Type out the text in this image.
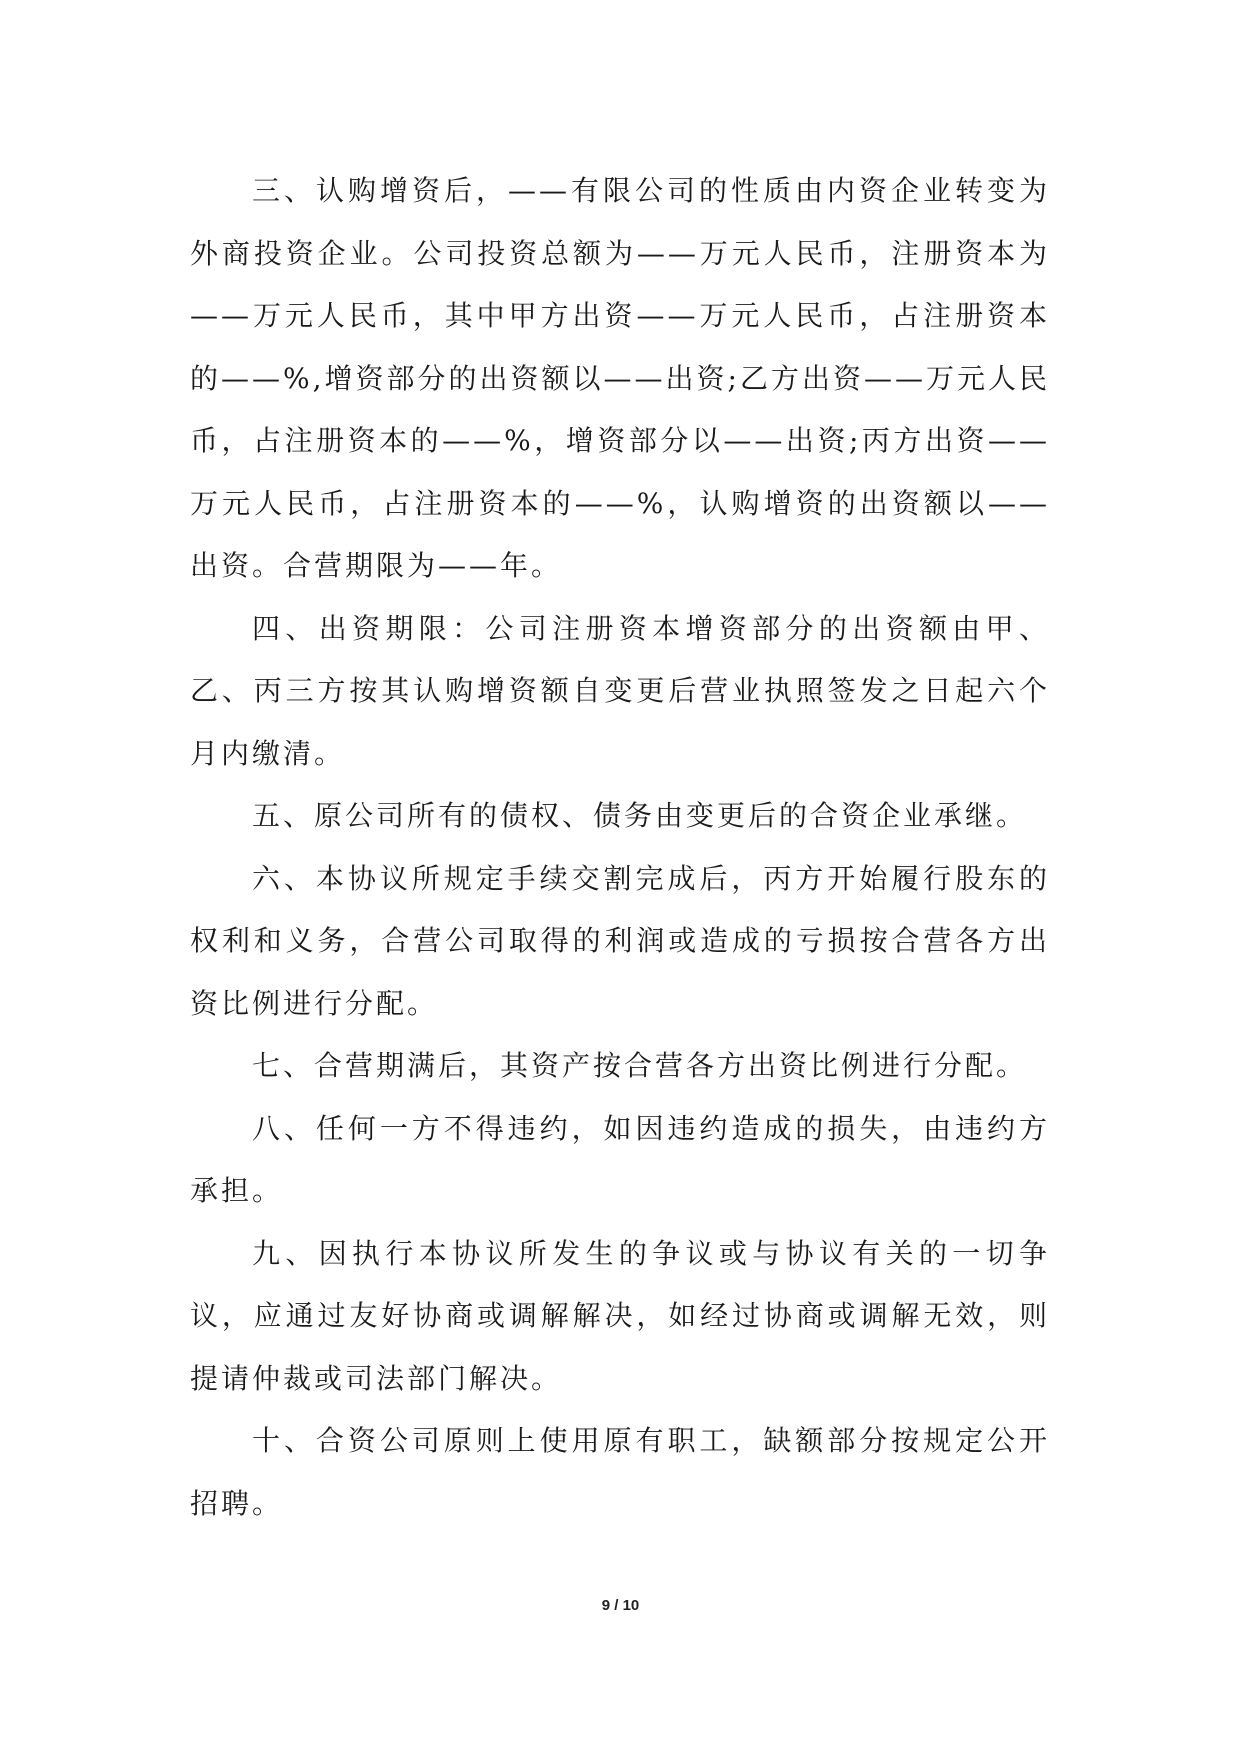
三、认购增资后，——有限公司的性质由内资企业转变为外商投资企业。公司投资总额为——万元人民币，注册资本为——万元人民币，其中甲方出资——万元人民币，占注册资本的——%,增资部分的出资额以——出资;乙方出资——万元人民币，占注册资本的——%，增资部分以——出资;丙方出资——万元人民币，占注册资本的——%，认购增资的出资额以——出资。合营期限为——年。

四、出资期限：公司注册资本增资部分的出资额由甲、乙、丙三方按其认购增资额自变更后营业执照签发之日起六个月内缴清。

五、原公司所有的债权、债务由变更后的合资企业承继。

六、本协议所规定手续交割完成后，丙方开始履行股东的权利和义务，合营公司取得的利润或造成的亏损按合营各方出资比例进行分配。

七、合营期满后，其资产按合营各方出资比例进行分配。

八、任何一方不得违约，如因违约造成的损失，由违约方承担。

九、因执行本协议所发生的争议或与协议有关的一切争议，应通过友好协商或调解解决，如经过协商或调解无效，则提请仲裁或司法部门解决。

十、合资公司原则上使用原有职工，缺额部分按规定公开招聘。

9 / 10
